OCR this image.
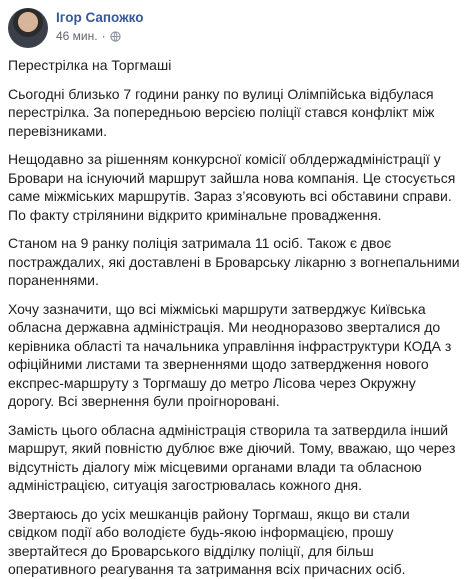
Ігор Сапожко
46 мин. ·

Перестрілка на Торгмаші

Сьогодні близько 7 години ранку по вулиці Олімпійська відбулася перестрілка. За попередньою версією поліції стався конфлікт між перевізниками.

Нещодавно за рішенням конкурсної комісії облдержадміністрації у Бровари на існуючий маршрут зайшла нова компанія. Це стосується саме міжміських маршрутів. Зараз з’ясовують всі обставини справи. По факту стрілянини відкрито кримінальне провадження.

Станом на 9 ранку поліція затримала 11 осіб. Також є двоє постраждалих, які доставлені в Броварську лікарню з вогнепальними пораненнями.

Хочу зазначити, що всі міжміські маршрути затверджує Київська обласна державна адміністрація. Ми неодноразово зверталися до керівника області та начальника управління інфраструктури КОДА з офіційними листами та зверненнями щодо затвердження нового експрес-маршруту з Торгмашу до метро Лісова через Окружну дорогу. Всі звернення були проігноровані.

Замість цього обласна адміністрація створила та затвердила інший маршрут, який повністю дублює вже діючий. Тому, вважаю, що через відсутність діалогу між місцевими органами влади та обласною адміністрацією, ситуація загострювалась кожного дня.

Звертаюсь до усіх мешканців району Торгмаш, якщо ви стали свідком події або володієте будь-якою інформацією, прошу звертайтеся до Броварського відділку поліції, для більш оперативного реагування та затримання всіх причасних осіб.
